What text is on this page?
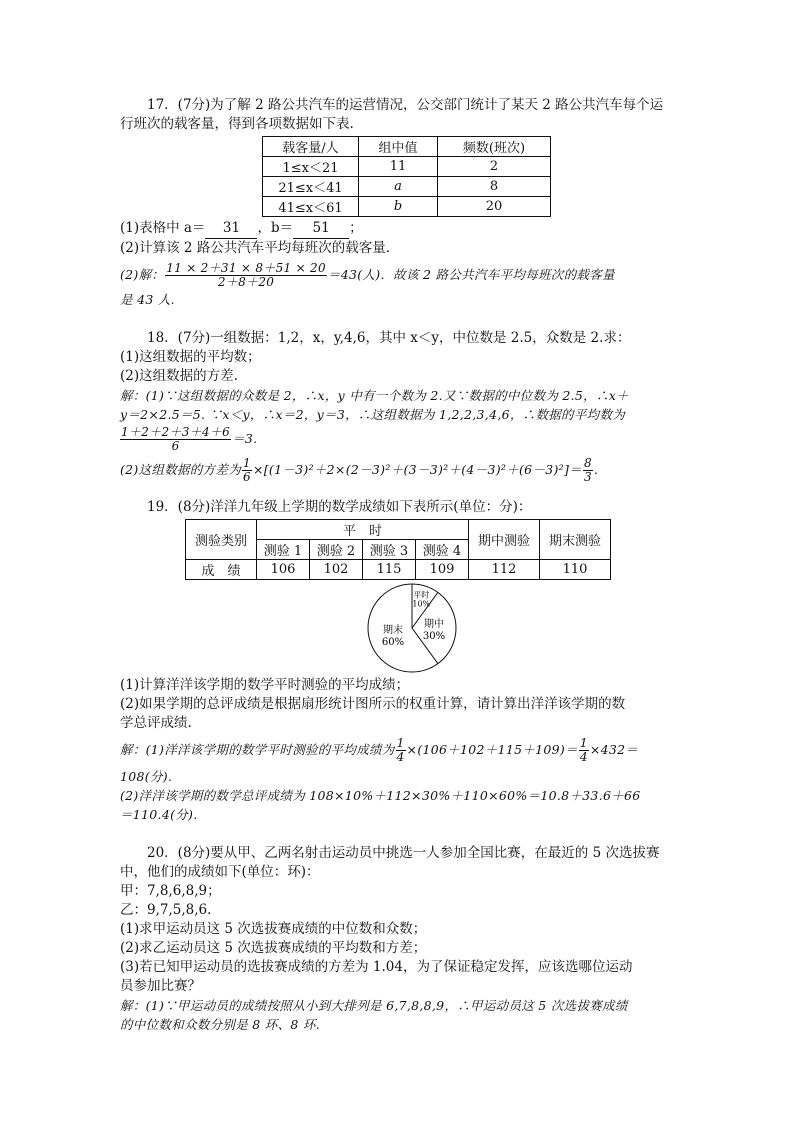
17．(7分)为了解 2 路公共汽车的运营情况，公交部门统计了某天 2 路公共汽车每个运
行班次的载客量，得到各项数据如下表.
载客量/人	组中值	频数(班次)
1≤x＜21	11	2
21≤x＜41	a	8
41≤x＜61	b	20
(1)表格中 a＝ 31 ，b＝ 51 ；
(2)计算该 2 路公共汽车平均每班次的载客量.
(2)解： $\frac{11 \times 2+31 \times 8+51 \times 20}{2+8+20} =43$(人)．故该 2 路公共汽车平均每班次的载客量
是 43 人.
18．(7分)一组数据：1,2，x，y,4,6，其中 x＜y，中位数是 2.5，众数是 2.求：
(1)这组数据的平均数；
(2)这组数据的方差.
解：(1)∵这组数据的众数是 2，∴x，y 中有一个数为 2.又∵数据的中位数为 2.5，∴x＋
y＝2×2.5＝5. ∵x＜y，∴x＝2，y＝3，∴这组数据为 1,2,2,3,4,6，∴数据的平均数为
$\frac{1+2+2+3+4+6}{6} =3$.
(2)这组数据的方差为 $\frac{1}{6} \times[(1-3)^2+2\times(2-3)^2+(3-3)^2+(4-3)^2+(6-3)^2]= \frac{8}{3}$ .
19．(8分)洋洋九年级上学期的数学成绩如下表所示(单位：分)：
测验类别	平　时				期中测验	期末测验
	测验 1	测验 2	测验 3	测验 4		
成　绩	106	102	115	109	112	110
平时
10%
期中
30%
期末
60%
(1)计算洋洋该学期的数学平时测验的平均成绩；
(2)如果学期的总评成绩是根据扇形统计图所示的权重计算，请计算出洋洋该学期的数
学总评成绩.
解：(1)洋洋该学期的数学平时测验的平均成绩为 $\frac{1}{4} \times(106+102+115+109)= \frac{1}{4} \times 432=$
108(分).
(2)洋洋该学期的数学总评成绩为 108×10%＋112×30%＋110×60%＝10.8＋33.6＋66
＝110.4(分).
20．(8分)要从甲、乙两名射击运动员中挑选一人参加全国比赛，在最近的 5 次选拔赛
中，他们的成绩如下(单位：环)：
甲：7,8,6,8,9；
乙：9,7,5,8,6.
(1)求甲运动员这 5 次选拔赛成绩的中位数和众数；
(2)求乙运动员这 5 次选拔赛成绩的平均数和方差；
(3)若已知甲运动员的选拔赛成绩的方差为 1.04，为了保证稳定发挥，应该选哪位运动
员参加比赛？
解：(1)∵甲运动员的成绩按照从小到大排列是 6,7,8,8,9，∴甲运动员这 5 次选拔赛成绩
的中位数和众数分别是 8 环、8 环.
